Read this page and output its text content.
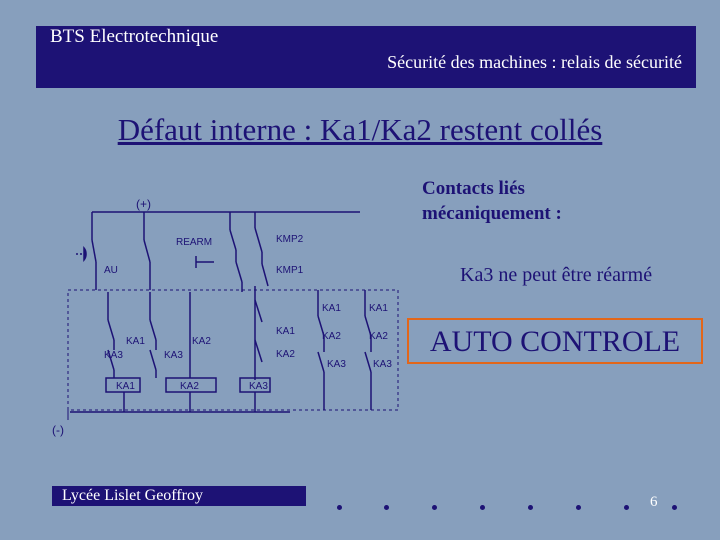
BTS Electrotechnique
Sécurité des machines : relais de sécurité
Défaut interne : Ka1/Ka2 restent collés
Contacts liés
mécaniquement :
Ka3 ne peut être réarmé
AUTO CONTROLE
(+)
(-)
REARM
AU
KMP2
KMP1
KA1
KA3
KA2
KA3
KA1
KA2
KA1	KA2	KA3
KA1	KA1
KA2	KA2
KA3	KA3
Lycée Lislet Geoffroy	6
